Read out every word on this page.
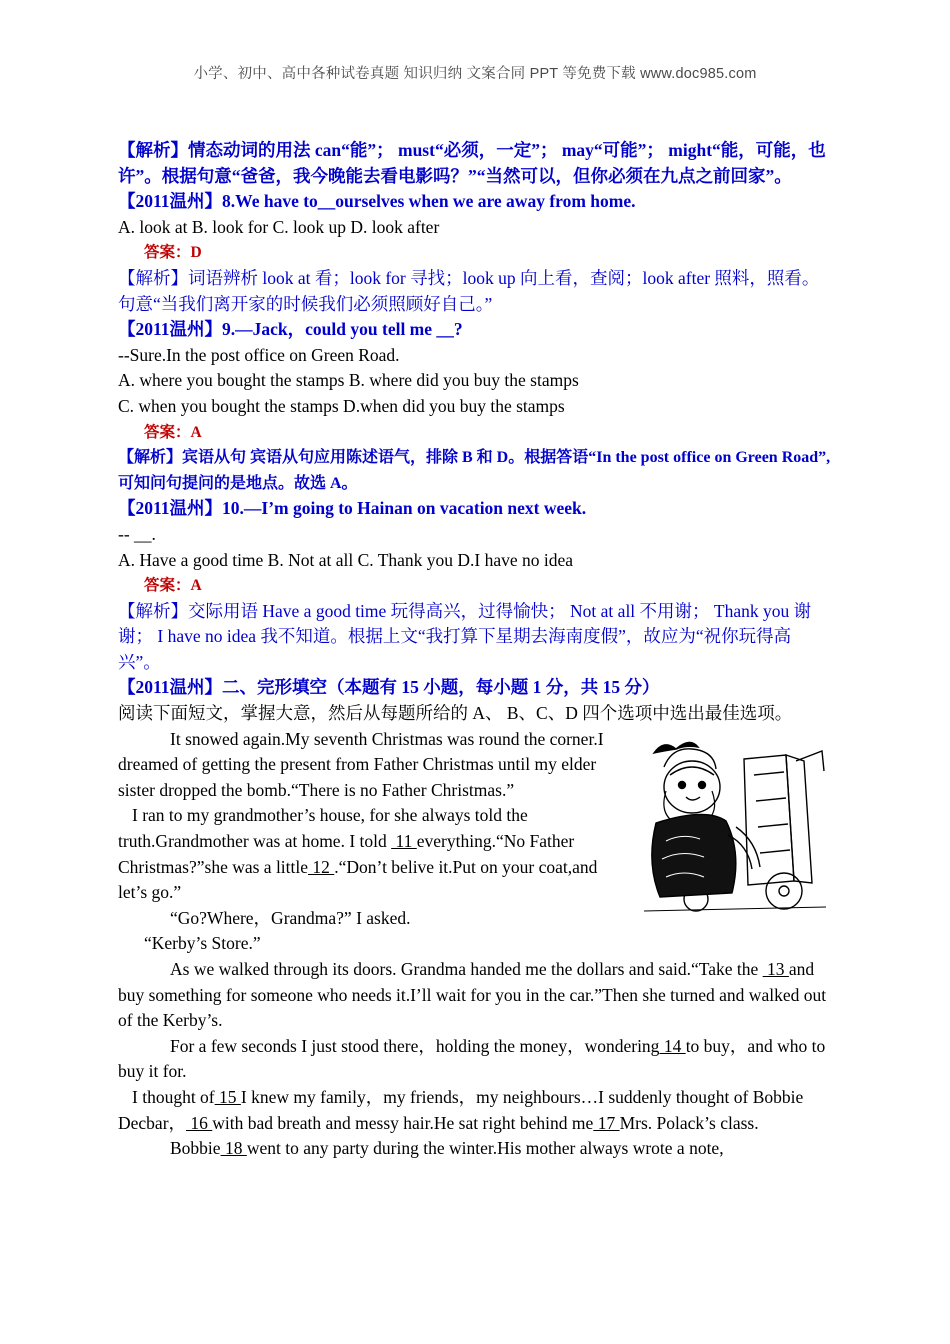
小学、初中、高中各种试卷真题 知识归纳 文案合同 PPT 等免费下载 www.doc985.com

【解析】情态动词的用法 can“能”； must“必须，一定”； may“可能”； might“能，可能，也许”。根据句意“爸爸，我今晚能去看电影吗？”“当然可以，但你必须在九点之前回家”。

【2011温州】8.We have to__ourselves when we are away from home.

A. look at B. look for C. look up D. look after

答案：D

【解析】词语辨析 look at 看；look for 寻找；look up 向上看，查阅；look after 照料，照看。句意“当我们离开家的时候我们必须照顾好自己。”

【2011温州】9.—Jack，could you tell me __?

--Sure.In the post office on Green Road.

A. where you bought the stamps B. where did you buy the stamps

C. when you bought the stamps D.when did you buy the stamps

答案：A

【解析】宾语从句 宾语从句应用陈述语气，排除 B 和 D。根据答语“In the post office on Green Road”,可知问句提问的是地点。故选 A。

【2011温州】10.—I’m going to Hainan on vacation next week.

-- __.

A. Have a good time B. Not at all C. Thank you D.I have no idea

答案：A

【解析】交际用语 Have a good time 玩得高兴，过得愉快； Not at all 不用谢； Thank you 谢谢； I have no idea 我不知道。根据上文“我打算下星期去海南度假”，故应为“祝你玩得高兴”。

【2011温州】二、完形填空（本题有 15 小题，每小题 1 分，共 15 分）

阅读下面短文，掌握大意，然后从每题所给的 A、 B、C、D 四个选项中选出最佳选项。

It snowed again.My seventh Christmas was round the corner.I dreamed of getting the present from Father Christmas until my elder sister dropped the bomb.“There is no Father Christmas.”

I ran to my grandmother’s house, for she always told the truth.Grandmother was at home. I told  11 everything.“No Father Christmas?”she was a little 12 .“Don’t belive it.Put on your coat,and let’s go.”

“Go?Where，Grandma?” I asked.

“Kerby’s Store.”

As we walked through its doors. Grandma handed me the dollars and said.“Take the  13 and buy something for someone who needs it.I’ll wait for you in the car.”Then she turned and walked out of the Kerby’s.

For a few seconds I just stood there，holding the money，wondering 14 to buy，and who to buy it for.

I thought of 15 I knew my family，my friends，my neighbours…I suddenly thought of Bobbie Decbar， 16 with bad breath and messy hair.He sat right behind me 17 Mrs. Polack’s class.

Bobbie 18 went to any party during the winter.His mother always wrote a note,
